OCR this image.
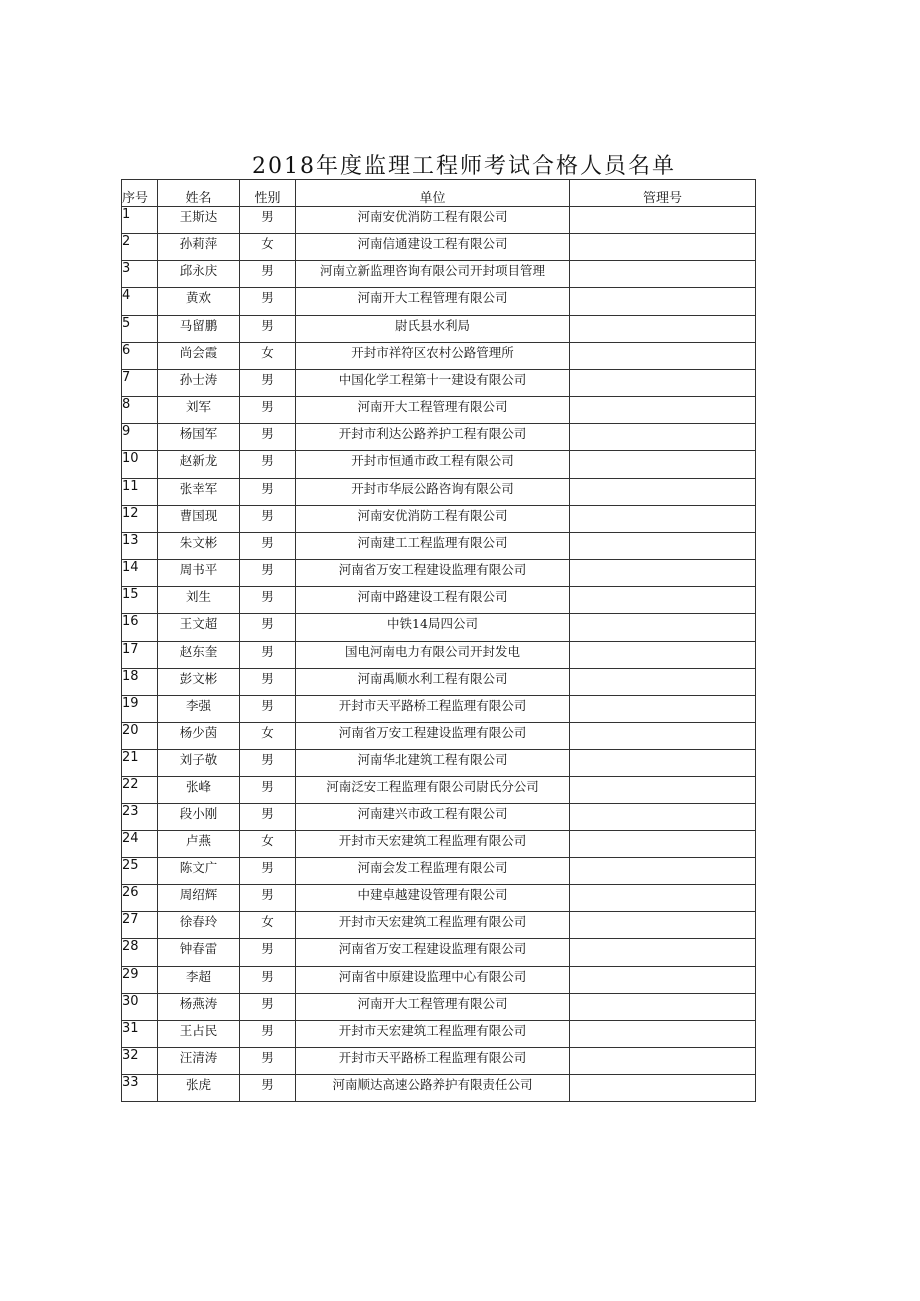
2018年度监理工程师考试合格人员名单
序号	姓名	性别	单位	管理号
1	王斯达	男	河南安优消防工程有限公司	
2	孙莉萍	女	河南信通建设工程有限公司	
3	邱永庆	男	河南立新监理咨询有限公司开封项目管理	
4	黄欢	男	河南开大工程管理有限公司	
5	马留鹏	男	尉氏县水利局	
6	尚会霞	女	开封市祥符区农村公路管理所	
7	孙士涛	男	中国化学工程第十一建设有限公司	
8	刘军	男	河南开大工程管理有限公司	
9	杨国军	男	开封市利达公路养护工程有限公司	
10	赵新龙	男	开封市恒通市政工程有限公司	
11	张幸军	男	开封市华辰公路咨询有限公司	
12	曹国现	男	河南安优消防工程有限公司	
13	朱文彬	男	河南建工工程监理有限公司	
14	周书平	男	河南省万安工程建设监理有限公司	
15	刘生	男	河南中路建设工程有限公司	
16	王文超	男	中铁14局四公司	
17	赵东奎	男	国电河南电力有限公司开封发电	
18	彭文彬	男	河南禹顺水利工程有限公司	
19	李强	男	开封市天平路桥工程监理有限公司	
20	杨少茵	女	河南省万安工程建设监理有限公司	
21	刘子敬	男	河南华北建筑工程有限公司	
22	张峰	男	河南泛安工程监理有限公司尉氏分公司	
23	段小刚	男	河南建兴市政工程有限公司	
24	卢燕	女	开封市天宏建筑工程监理有限公司	
25	陈文广	男	河南会发工程监理有限公司	
26	周绍辉	男	中建卓越建设管理有限公司	
27	徐春玲	女	开封市天宏建筑工程监理有限公司	
28	钟春雷	男	河南省万安工程建设监理有限公司	
29	李超	男	河南省中原建设监理中心有限公司	
30	杨燕涛	男	河南开大工程管理有限公司	
31	王占民	男	开封市天宏建筑工程监理有限公司	
32	汪清涛	男	开封市天平路桥工程监理有限公司	
33	张虎	男	河南顺达高速公路养护有限责任公司	
